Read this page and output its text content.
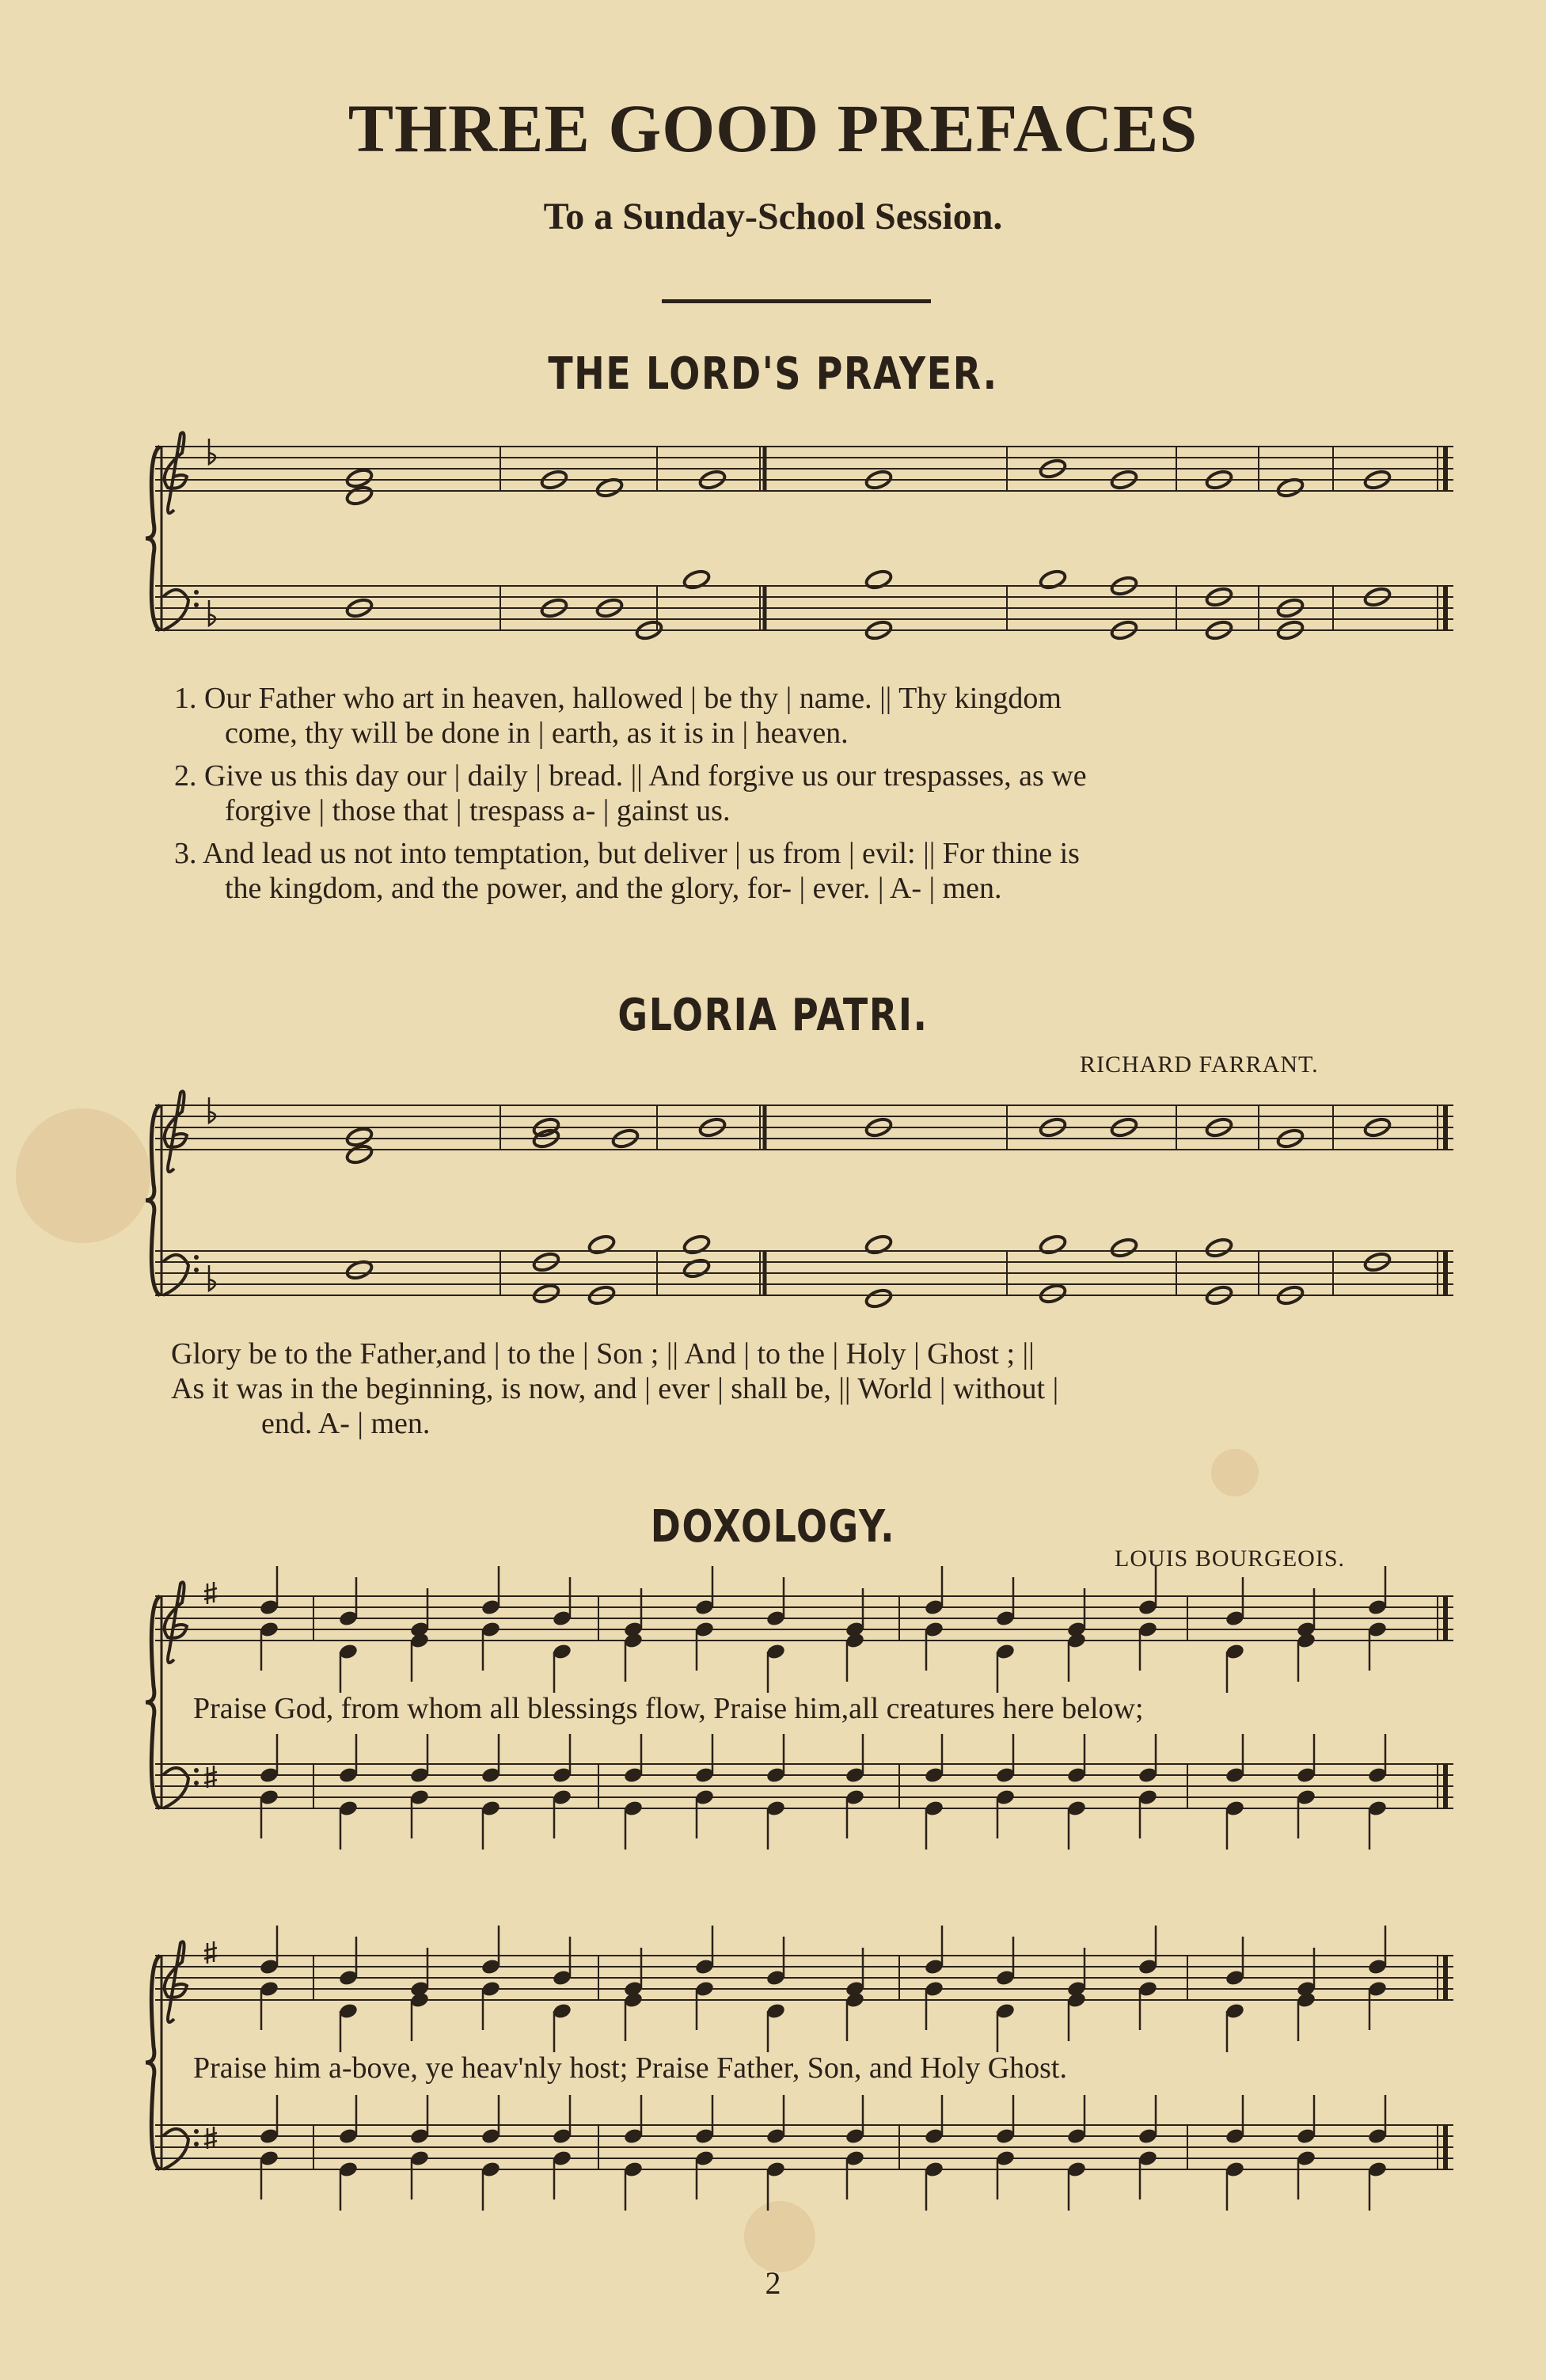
THREE GOOD PREFACES
To a Sunday-School Session.
THE LORD'S PRAYER.
1. Our Father who art in heaven, hallowed | be thy | name. || Thy kingdom
come, thy will be done in | earth, as it is in | heaven.
2. Give us this day our | daily | bread. || And forgive us our trespasses, as we
forgive | those that | trespass a- | gainst us.
3. And lead us not into temptation, but deliver | us from | evil: || For thine is
the kingdom, and the power, and the glory, for- | ever. | A- | men.
GLORIA PATRI.
RICHARD FARRANT.
Glory be to the Father,and | to the | Son ; || And | to the | Holy | Ghost ; ||
As it was in the beginning, is now, and | ever | shall be, || World | without |
end. A- | men.
DOXOLOGY.
LOUIS BOURGEOIS.
Praise God, from whom all blessings flow, Praise him,all creatures here below;
Praise him a-bove, ye heav'nly host; Praise Father, Son, and Holy Ghost.
2
